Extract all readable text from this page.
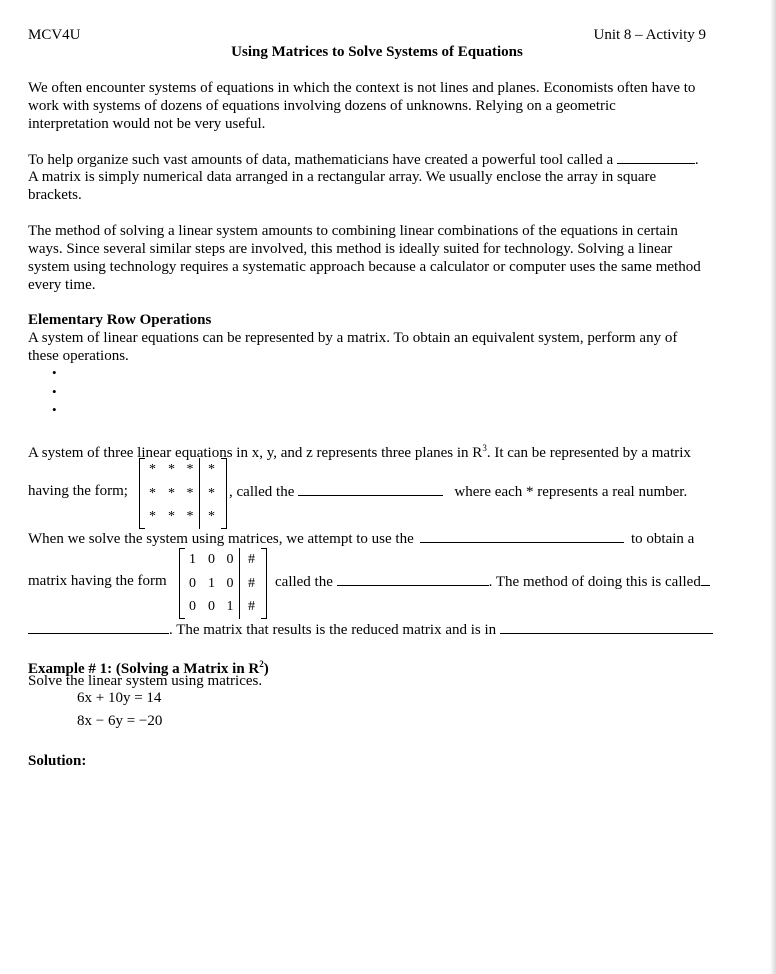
MCV4U	Unit 8 – Activity 9
Using Matrices to Solve Systems of Equations
We often encounter systems of equations in which the context is not lines and planes. Economists often have to
work with systems of dozens of equations involving dozens of unknowns. Relying on a geometric
interpretation would not be very useful.
To help organize such vast amounts of data, mathematicians have created a powerful tool called a	.
A matrix is simply numerical data arranged in a rectangular array. We usually enclose the array in square
brackets.
The method of solving a linear system amounts to combining linear combinations of the equations in certain
ways. Since several similar steps are involved, this method is ideally suited for technology. Solving a linear
system using technology requires a systematic approach because a calculator or computer uses the same method
every time.
Elementary Row Operations
A system of linear equations can be represented by a matrix. To obtain an equivalent system, perform any of
these operations.
•
•
•
A system of three linear equations in x, y, and z represents three planes in $R^3$. It can be represented by a matrix
having the form;
* * *	*
* * *	*
* * *	*
, called the	where each * represents a real number.
When we solve the system using matrices, we attempt to use the	to obtain a
matrix having the form
1 0 0	#
0 1 0	#
0 0 1	#
called the	. The method of doing this is called
. The matrix that results is the reduced matrix and is in
Example # 1: (Solving a Matrix in $R^2$)
Solve the linear system using matrices.
6x + 10y = 14
8x − 6y = −20
Solution:
